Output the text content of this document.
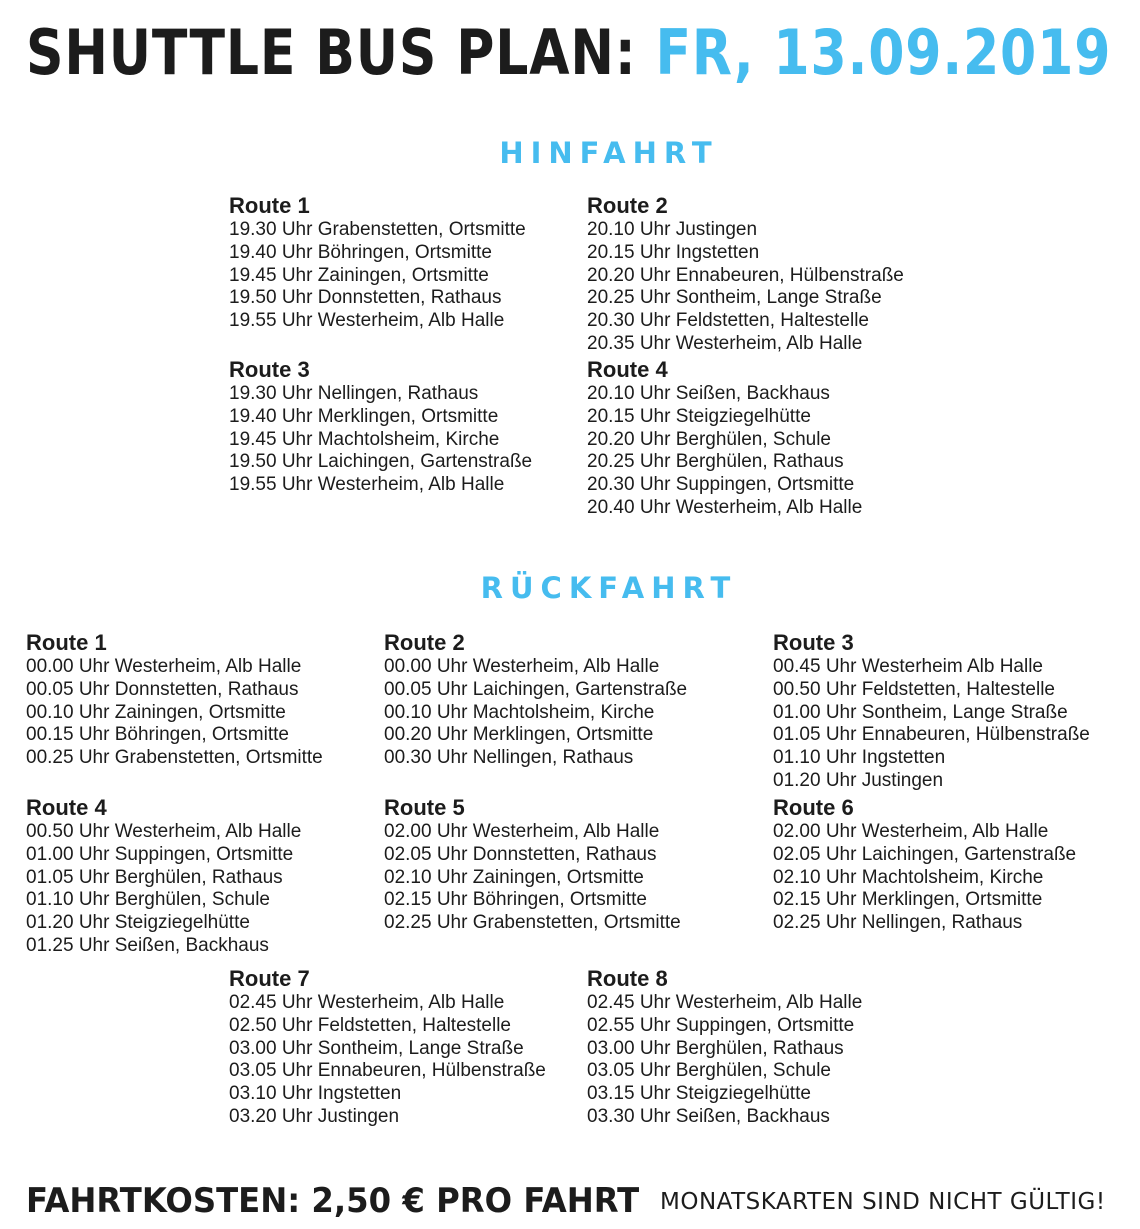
SHUTTLE BUS PLAN: FR, 13.09.2019
HINFAHRT
Route 1
19.30 Uhr Grabenstetten, Ortsmitte
19.40 Uhr Böhringen, Ortsmitte
19.45 Uhr Zainingen, Ortsmitte
19.50 Uhr Donnstetten, Rathaus
19.55 Uhr Westerheim, Alb Halle
Route 2
20.10 Uhr Justingen
20.15 Uhr Ingstetten
20.20 Uhr Ennabeuren, Hülbenstraße
20.25 Uhr Sontheim, Lange Straße
20.30 Uhr Feldstetten, Haltestelle
20.35 Uhr Westerheim, Alb Halle
Route 3
19.30 Uhr Nellingen, Rathaus
19.40 Uhr Merklingen, Ortsmitte
19.45 Uhr Machtolsheim, Kirche
19.50 Uhr Laichingen, Gartenstraße
19.55 Uhr Westerheim, Alb Halle
Route 4
20.10 Uhr Seißen, Backhaus
20.15 Uhr Steigziegelhütte
20.20 Uhr Berghülen, Schule
20.25 Uhr Berghülen, Rathaus
20.30 Uhr Suppingen, Ortsmitte
20.40 Uhr Westerheim, Alb Halle
RÜCKFAHRT
Route 1
00.00 Uhr Westerheim, Alb Halle
00.05 Uhr Donnstetten, Rathaus
00.10 Uhr Zainingen, Ortsmitte
00.15 Uhr Böhringen, Ortsmitte
00.25 Uhr Grabenstetten, Ortsmitte
Route 2
00.00 Uhr Westerheim, Alb Halle
00.05 Uhr Laichingen, Gartenstraße
00.10 Uhr Machtolsheim, Kirche
00.20 Uhr Merklingen, Ortsmitte
00.30 Uhr Nellingen, Rathaus
Route 3
00.45 Uhr Westerheim Alb Halle
00.50 Uhr Feldstetten, Haltestelle
01.00 Uhr Sontheim, Lange Straße
01.05 Uhr Ennabeuren, Hülbenstraße
01.10 Uhr Ingstetten
01.20 Uhr Justingen
Route 4
00.50 Uhr Westerheim, Alb Halle
01.00 Uhr Suppingen, Ortsmitte
01.05 Uhr Berghülen, Rathaus
01.10 Uhr Berghülen, Schule
01.20 Uhr Steigziegelhütte
01.25 Uhr Seißen, Backhaus
Route 5
02.00 Uhr Westerheim, Alb Halle
02.05 Uhr Donnstetten, Rathaus
02.10 Uhr Zainingen, Ortsmitte
02.15 Uhr Böhringen, Ortsmitte
02.25 Uhr Grabenstetten, Ortsmitte
Route 6
02.00 Uhr Westerheim, Alb Halle
02.05 Uhr Laichingen, Gartenstraße
02.10 Uhr Machtolsheim, Kirche
02.15 Uhr Merklingen, Ortsmitte
02.25 Uhr Nellingen, Rathaus
Route 7
02.45 Uhr Westerheim, Alb Halle
02.50 Uhr Feldstetten, Haltestelle
03.00 Uhr Sontheim, Lange Straße
03.05 Uhr Ennabeuren, Hülbenstraße
03.10 Uhr Ingstetten
03.20 Uhr Justingen
Route 8
02.45 Uhr Westerheim, Alb Halle
02.55 Uhr Suppingen, Ortsmitte
03.00 Uhr Berghülen, Rathaus
03.05 Uhr Berghülen, Schule
03.15 Uhr Steigziegelhütte
03.30 Uhr Seißen, Backhaus
FAHRTKOSTEN: 2,50 € PRO FAHRT MONATSKARTEN SIND NICHT GÜLTIG!
